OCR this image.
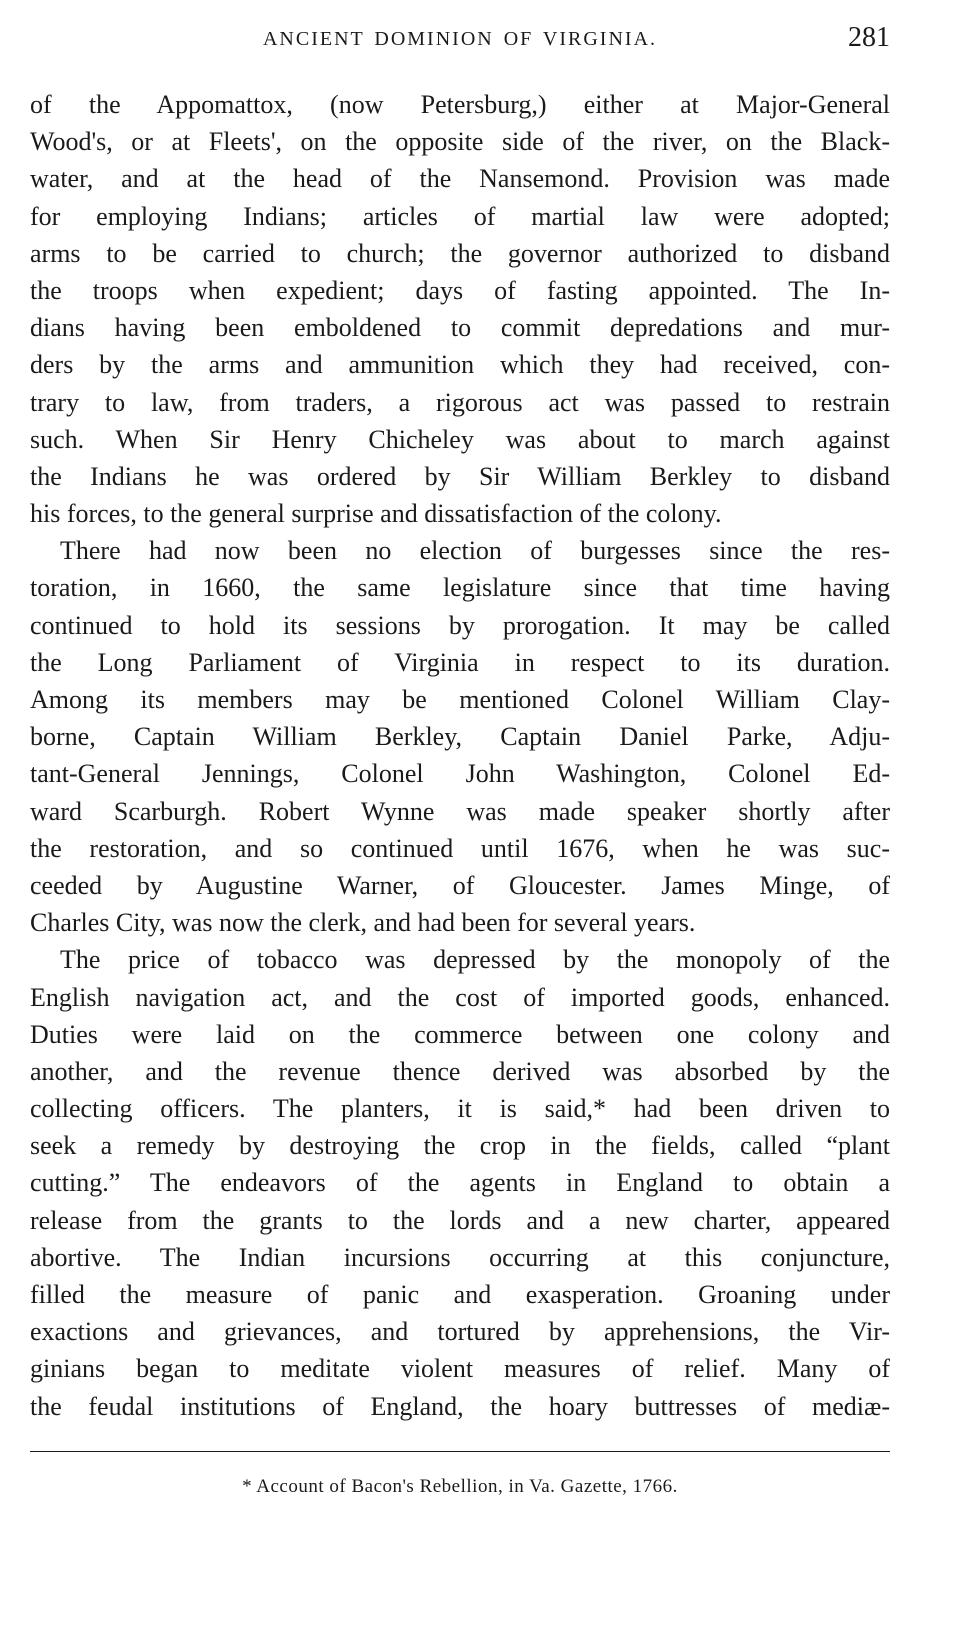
ANCIENT DOMINION OF VIRGINIA.	281
of the Appomattox, (now Petersburg,) either at Major-General
Wood's, or at Fleets', on the opposite side of the river, on the Black-
water, and at the head of the Nansemond. Provision was made
for employing Indians; articles of martial law were adopted;
arms to be carried to church; the governor authorized to disband
the troops when expedient; days of fasting appointed. The In-
dians having been emboldened to commit depredations and mur-
ders by the arms and ammunition which they had received, con-
trary to law, from traders, a rigorous act was passed to restrain
such. When Sir Henry Chicheley was about to march against
the Indians he was ordered by Sir William Berkley to disband
his forces, to the general surprise and dissatisfaction of the colony.
There had now been no election of burgesses since the res-
toration, in 1660, the same legislature since that time having
continued to hold its sessions by prorogation. It may be called
the Long Parliament of Virginia in respect to its duration.
Among its members may be mentioned Colonel William Clay-
borne, Captain William Berkley, Captain Daniel Parke, Adju-
tant-General Jennings, Colonel John Washington, Colonel Ed-
ward Scarburgh. Robert Wynne was made speaker shortly after
the restoration, and so continued until 1676, when he was suc-
ceeded by Augustine Warner, of Gloucester. James Minge, of
Charles City, was now the clerk, and had been for several years.
The price of tobacco was depressed by the monopoly of the
English navigation act, and the cost of imported goods, enhanced.
Duties were laid on the commerce between one colony and
another, and the revenue thence derived was absorbed by the
collecting officers. The planters, it is said,* had been driven to
seek a remedy by destroying the crop in the fields, called “plant
cutting.” The endeavors of the agents in England to obtain a
release from the grants to the lords and a new charter, appeared
abortive. The Indian incursions occurring at this conjuncture,
filled the measure of panic and exasperation. Groaning under
exactions and grievances, and tortured by apprehensions, the Vir-
ginians began to meditate violent measures of relief. Many of
the feudal institutions of England, the hoary buttresses of mediæ-
* Account of Bacon's Rebellion, in Va. Gazette, 1766.
